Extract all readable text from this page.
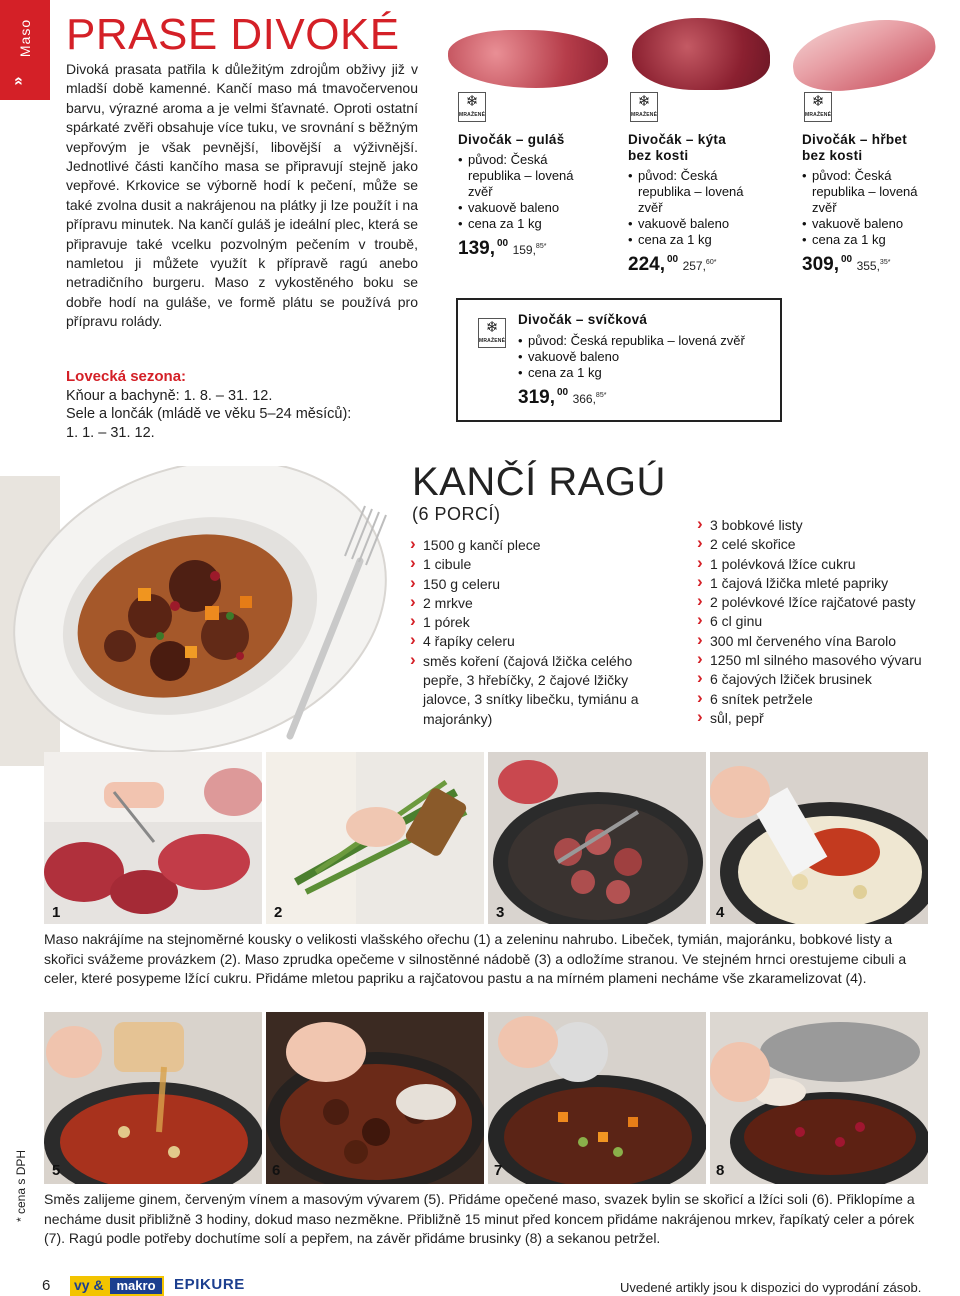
Maso
»
PRASE DIVOKÉ

Divoká prasata patřila k důležitým zdrojům obživy již v mladší době kamenné. Kančí maso má tmavočervenou barvu, výrazné aroma a je velmi šťavnaté. Oproti ostatní spárkaté zvěři obsahuje více tuku, ve srovnání s běžným vepřovým je však pevnější, libovější a výživnější. Jednotlivé části kančího masa se připravují stejně jako vepřové. Krkovice se výborně hodí k pečení, může se také zvolna dusit a nakrájenou na plátky ji lze použít i na přípravu minutek. Na kančí guláš je ideální plec, která se připravuje také vcelku pozvolným pečením v troubě, namletou ji můžete využít k přípravě ragú anebo netradičního burgeru. Maso z vykostěného boku se dobře hodí na guláše, ve formě plátu se používá pro přípravu rolády.

Lovecká sezona:
Kňour a bachyně: 1. 8. – 31. 12.
Sele a lončák (mládě ve věku 5–24 měsíců):
1. 1. – 31. 12.
❄
MRAŽENÉ
Divočák – guláš
• původ: Česká republika – lovená zvěř
• vakuově baleno
• cena za 1 kg
139, $^{00}$ 159,$^{85*}$
❄
MRAŽENÉ
Divočák – kýta
bez kosti
• původ: Česká republika – lovená zvěř
• vakuově baleno
• cena za 1 kg
224, $^{00}$ 257,$^{60*}$
❄
MRAŽENÉ
Divočák – hřbet
bez kosti
• původ: Česká republika – lovená zvěř
• vakuově baleno
• cena za 1 kg
309, $^{00}$ 355,$^{35*}$
❄
MRAŽENÉ
Divočák – svíčková
• původ: Česká republika – lovená zvěř
• vakuově baleno
• cena za 1 kg
319, $^{00}$ 366,$^{85*}$
KANČÍ RAGÚ
(6 PORCÍ)
› 1500 g kančí plece
› 1 cibule
› 150 g celeru
› 2 mrkve
› 1 pórek
› 4 řapíky celeru
› směs koření (čajová lžička celého pepře, 3 hřebíčky, 2 čajové lžičky jalovce, 3 snítky libečku, tymiánu a majoránky)
› 3 bobkové listy
› 2 celé skořice
› 1 polévková lžíce cukru
› 1 čajová lžička mleté papriky
› 2 polévkové lžíce rajčatové pasty
› 6 cl ginu
› 300 ml červeného vína Barolo
› 1250 ml silného masového vývaru
› 6 čajových lžiček brusinek
› 6 snítek petržele
› sůl, pepř
1	2	3	4

Maso nakrájíme na stejnoměrné kousky o velikosti vlašského ořechu (1) a zeleninu nahrubo. Libeček, tymián, majoránku, bobkové listy a skořici svážeme provázkem (2). Maso zprudka opečeme v silnostěnné nádobě (3) a odložíme stranou. Ve stejném hrnci orestujeme cibuli a celer, které posypeme lžící cukru. Přidáme mletou papriku a rajčatovou pastu a na mírném plameni necháme vše zkaramelizovat (4).

5	6	7	8

Směs zalijeme ginem, červeným vínem a masovým vývarem (5). Přidáme opečené maso, svazek bylin se skořicí a lžíci soli (6). Přiklopíme a necháme dusit přibližně 3 hodiny, dokud maso nezměkne. Přibližně 15 minut před koncem přidáme nakrájenou mrkev, řapíkatý celer a pórek (7). Ragú podle potřeby dochutíme solí a pepřem, na závěr přidáme brusinky (8) a sekanou petržel.

* cena s DPH
6 vy & makro	EPIKURE	Uvedené artikly jsou k dispozici do vyprodání zásob.
